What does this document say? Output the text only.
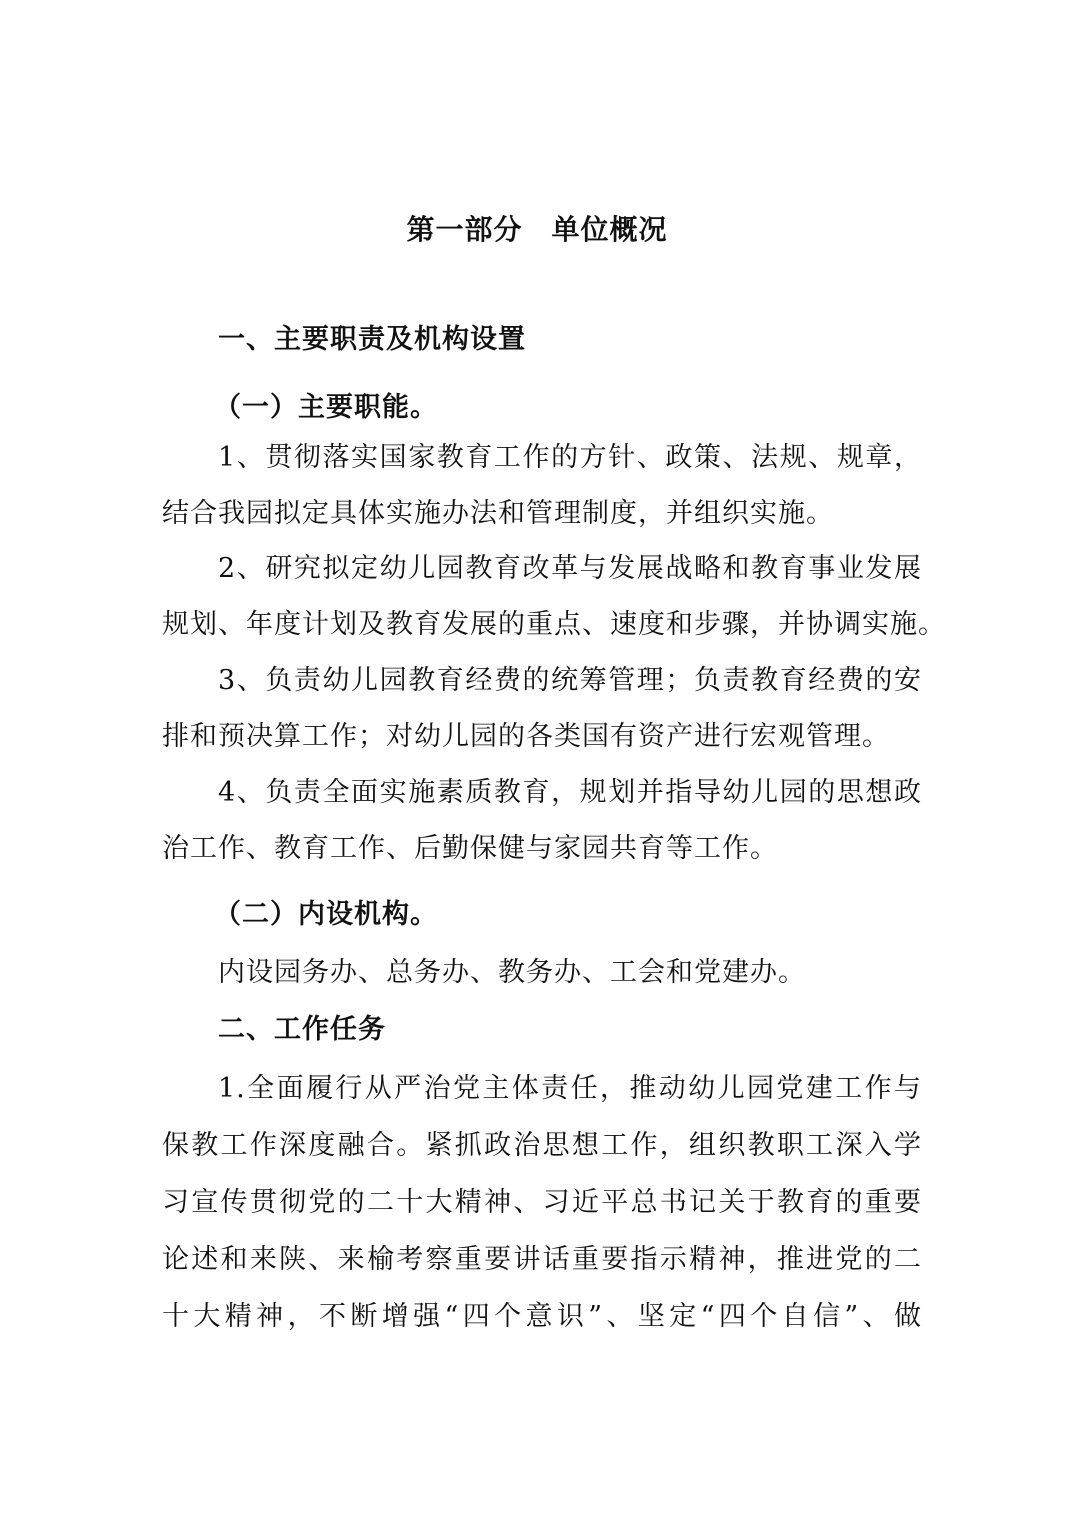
第一部分　单位概况
一、主要职责及机构设置
（一）主要职能。
1、贯彻落实国家教育工作的方针、政策、法规、规章，
结合我园拟定具体实施办法和管理制度，并组织实施。
2、研究拟定幼儿园教育改革与发展战略和教育事业发展
规划、年度计划及教育发展的重点、速度和步骤，并协调实施。
3、负责幼儿园教育经费的统筹管理；负责教育经费的安
排和预决算工作；对幼儿园的各类国有资产进行宏观管理。
4、负责全面实施素质教育，规划并指导幼儿园的思想政
治工作、教育工作、后勤保健与家园共育等工作。
（二）内设机构。
内设园务办、总务办、教务办、工会和党建办。
二、工作任务
1.全面履行从严治党主体责任，推动幼儿园党建工作与
保教工作深度融合。紧抓政治思想工作，组织教职工深入学
习宣传贯彻党的二十大精神、习近平总书记关于教育的重要
论述和来陕、来榆考察重要讲话重要指示精神，推进党的二
十大精神，不断增强“四个意识”、坚定“四个自信”、做
